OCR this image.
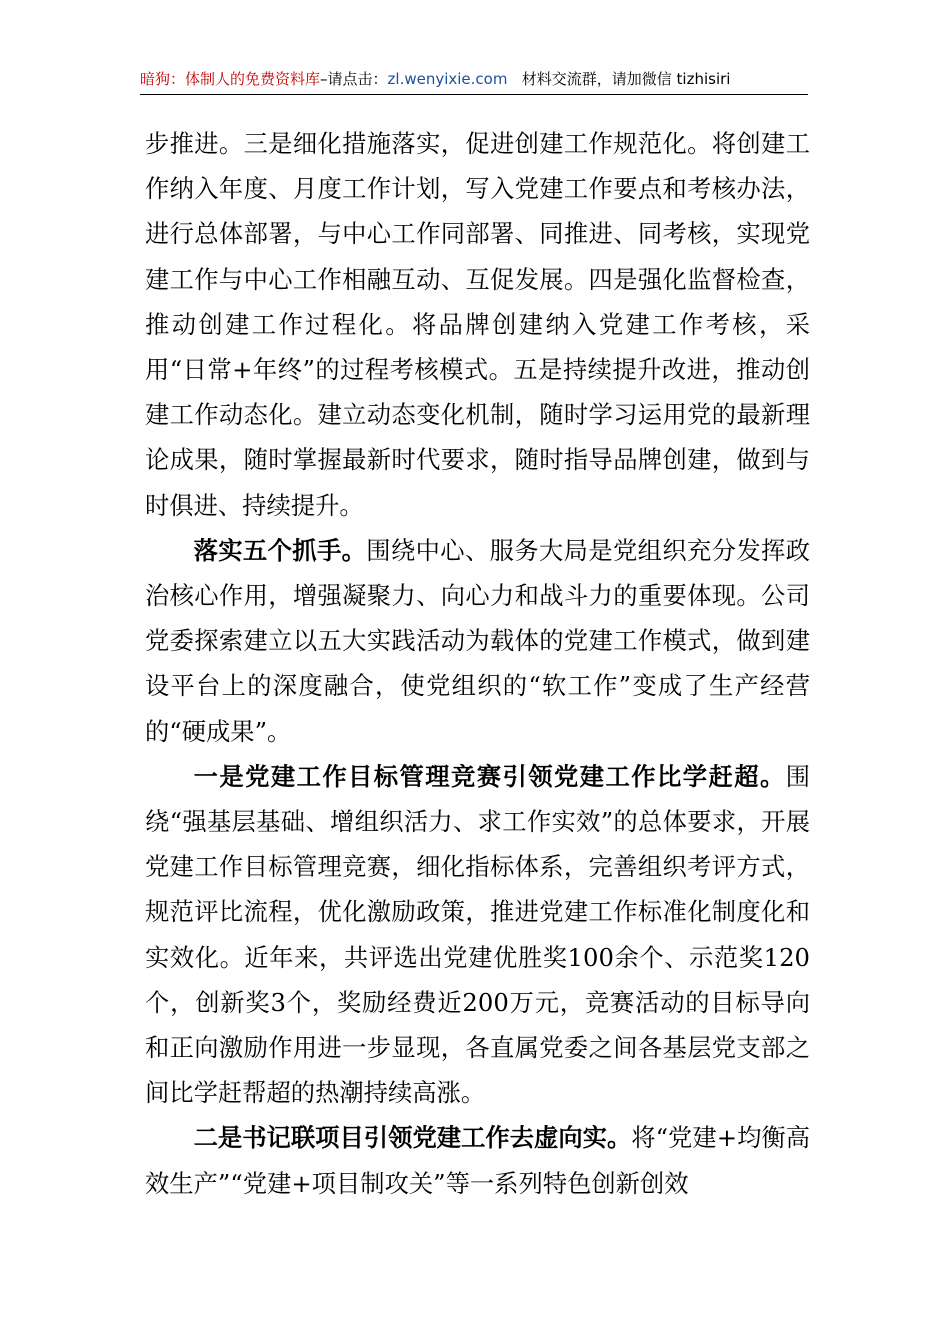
暗狗：体制人的免费资料库–请点击：zl.wenyixie.com 材料交流群，请加微信 tizhisiri

步推进。三是细化措施落实，促进创建工作规范化。将创建工作纳入年度、月度工作计划，写入党建工作要点和考核办法，进行总体部署，与中心工作同部署、同推进、同考核，实现党建工作与中心工作相融互动、互促发展。四是强化监督检查，推动创建工作过程化。将品牌创建纳入党建工作考核，采用“日常+年终”的过程考核模式。五是持续提升改进，推动创建工作动态化。建立动态变化机制，随时学习运用党的最新理论成果，随时掌握最新时代要求，随时指导品牌创建，做到与时俱进、持续提升。

落实五个抓手。围绕中心、服务大局是党组织充分发挥政治核心作用，增强凝聚力、向心力和战斗力的重要体现。公司党委探索建立以五大实践活动为载体的党建工作模式，做到建设平台上的深度融合，使党组织的“软工作”变成了生产经营的“硬成果”。

一是党建工作目标管理竞赛引领党建工作比学赶超。围绕“强基层基础、增组织活力、求工作实效”的总体要求，开展党建工作目标管理竞赛，细化指标体系，完善组织考评方式，规范评比流程，优化激励政策，推进党建工作标准化制度化和实效化。近年来，共评选出党建优胜奖100余个、示范奖120个，创新奖3个，奖励经费近200万元，竞赛活动的目标导向和正向激励作用进一步显现，各直属党委之间各基层党支部之间比学赶帮超的热潮持续高涨。

二是书记联项目引领党建工作去虚向实。将“党建+均衡高效生产”“党建+项目制攻关”等一系列特色创新创效
